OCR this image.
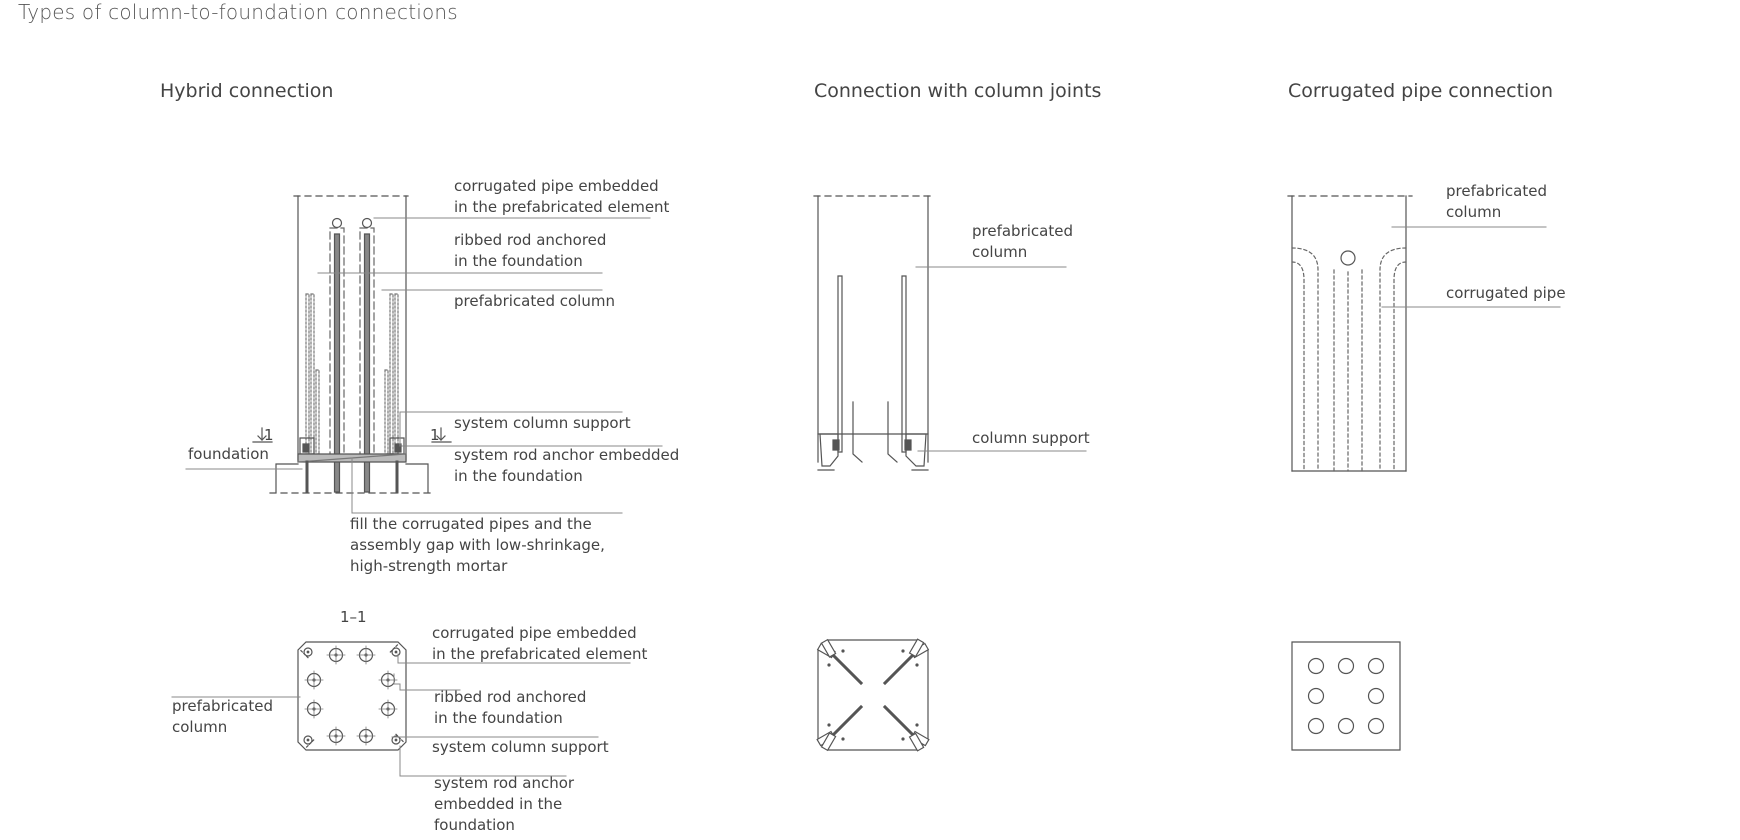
Types of column-to-foundation connections

Hybrid connection	Connection with column joints	Corrugated pipe connection

corrugated pipe embedded
in the prefabricated element
ribbed rod anchored
in the foundation
prefabricated column
system column support
system rod anchor embedded
in the foundation
foundation
fill the corrugated pipes and the
assembly gap with low-shrinkage,
high-strength mortar

1	1

1–1

corrugated pipe embedded
in the prefabricated element
ribbed rod anchored
in the foundation
prefabricated
column
system column support
system rod anchor
embedded in the
foundation
prefabricated
column
column support
prefabricated
column
corrugated pipe
